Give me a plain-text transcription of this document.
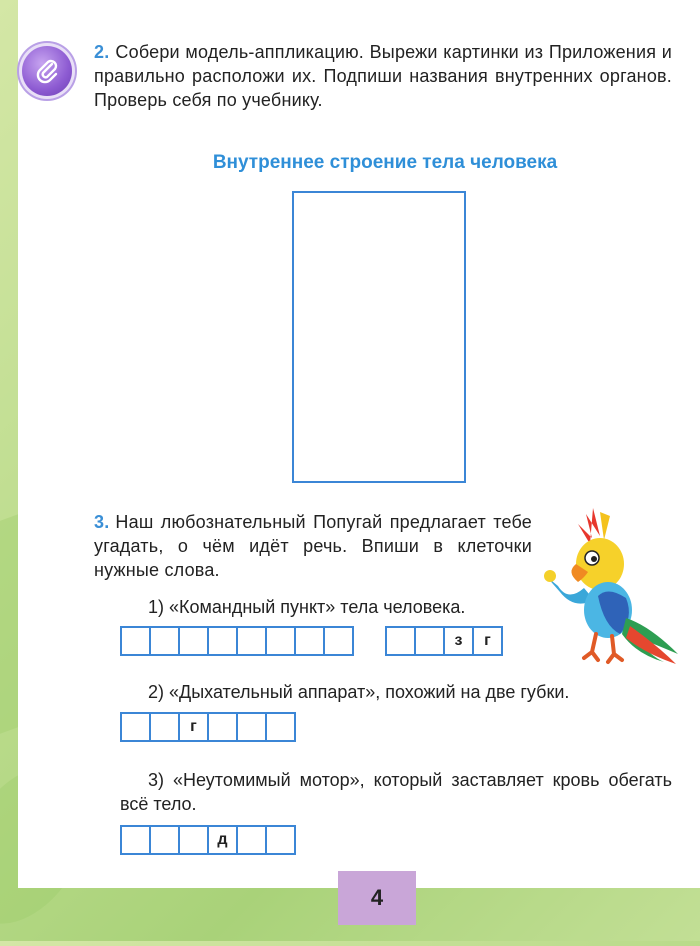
2. Собери модель-аппликацию. Вырежи картинки из Приложения и правильно расположи их. Подпиши названия внутренних органов. Проверь себя по учебнику.
Внутреннее строение тела человека
3. Наш любознательный Попугай предлагает тебе угадать, о чём идёт речь. Впиши в клеточки нужные слова.
1) «Командный пункт» тела человека.
з	г
2) «Дыхательный аппарат», похожий на две губки.
г
3) «Неутомимый мотор», который заставляет кровь обегать всё тело.
д
4
